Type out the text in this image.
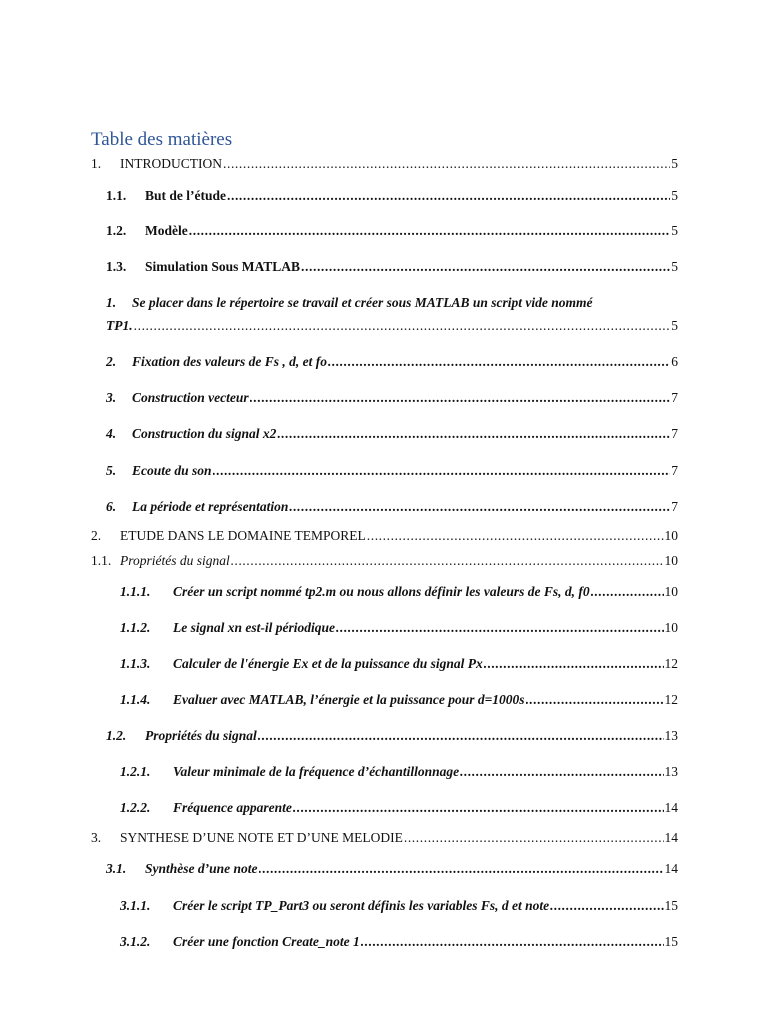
Table des matières
1.	INTRODUCTION .....	5
1.1.	But de l’étude .....	5
1.2.	Modèle .....	5
1.3.	Simulation Sous MATLAB .....	5
1.	Se placer dans le répertoire se travail et créer sous MATLAB un script vide nommé
TP1. .....	5
2.	Fixation des valeurs de Fs , d, et fo .....	6
3.	Construction vecteur .....	7
4.	Construction du signal x2 .....	7
5.	Ecoute du son .....	7
6.	La période et représentation .....	7
2.	ETUDE DANS LE DOMAINE TEMPOREL .....	10
1.1. Propriétés du signal .....	10
1.1.1.	Créer un script nommé tp2.m ou nous allons définir les valeurs de Fs, d, f0 .....	10
1.1.2.	Le signal xn est-il périodique .....	10
1.1.3.	Calculer de l'énergie Ex et de la puissance du signal Px .....	12
1.1.4.	Evaluer avec MATLAB, l’énergie et la puissance pour d=1000s .....	12
1.2.	Propriétés du signal .....	13
1.2.1.	Valeur minimale de la fréquence d’échantillonnage .....	13
1.2.2.	Fréquence apparente .....	14
3.	SYNTHESE D’UNE NOTE ET D’UNE MELODIE .....	14
3.1.	Synthèse d’une note .....	14
3.1.1.	Créer le script TP_Part3 ou seront définis les variables Fs, d et note .....	15
3.1.2.	Créer une fonction Create_note 1 .....	15
